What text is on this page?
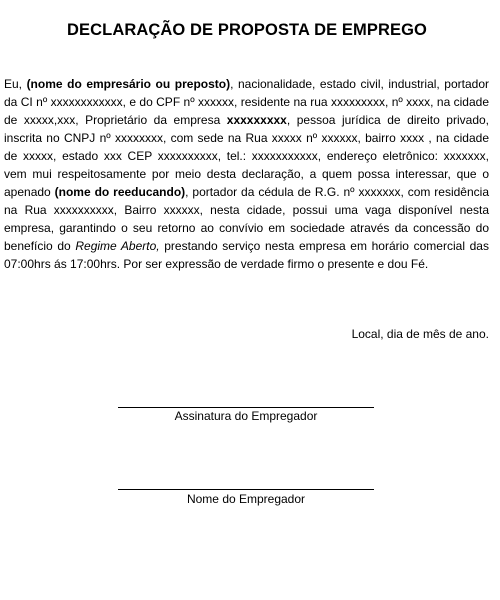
DECLARAÇÃO DE PROPOSTA DE EMPREGO

Eu, (nome do empresário ou preposto), nacionalidade, estado civil, industrial, portador da CI nº xxxxxxxxxxxx, e do CPF nº xxxxxx, residente na rua xxxxxxxxx, nº xxxx, na cidade de xxxxx,xxx, Proprietário da empresa xxxxxxxxx, pessoa jurídica de direito privado, inscrita no CNPJ nº xxxxxxxx, com sede na Rua xxxxx nº xxxxxx, bairro xxxx , na cidade de xxxxx, estado xxx CEP xxxxxxxxxx, tel.: xxxxxxxxxxx, endereço eletrônico: xxxxxxx, vem mui respeitosamente por meio desta declaração, a quem possa interessar, que o apenado (nome do reeducando), portador da cédula de R.G. nº xxxxxxx, com residência na Rua xxxxxxxxxx, Bairro xxxxxx, nesta cidade, possui uma vaga disponível nesta empresa, garantindo o seu retorno ao convívio em sociedade através da concessão do benefício do Regime Aberto, prestando serviço nesta empresa em horário comercial das 07:00hrs ás 17:00hrs. Por ser expressão de verdade firmo o presente e dou Fé.

Local, dia de mês de ano.
Assinatura do Empregador
Nome do Empregador
